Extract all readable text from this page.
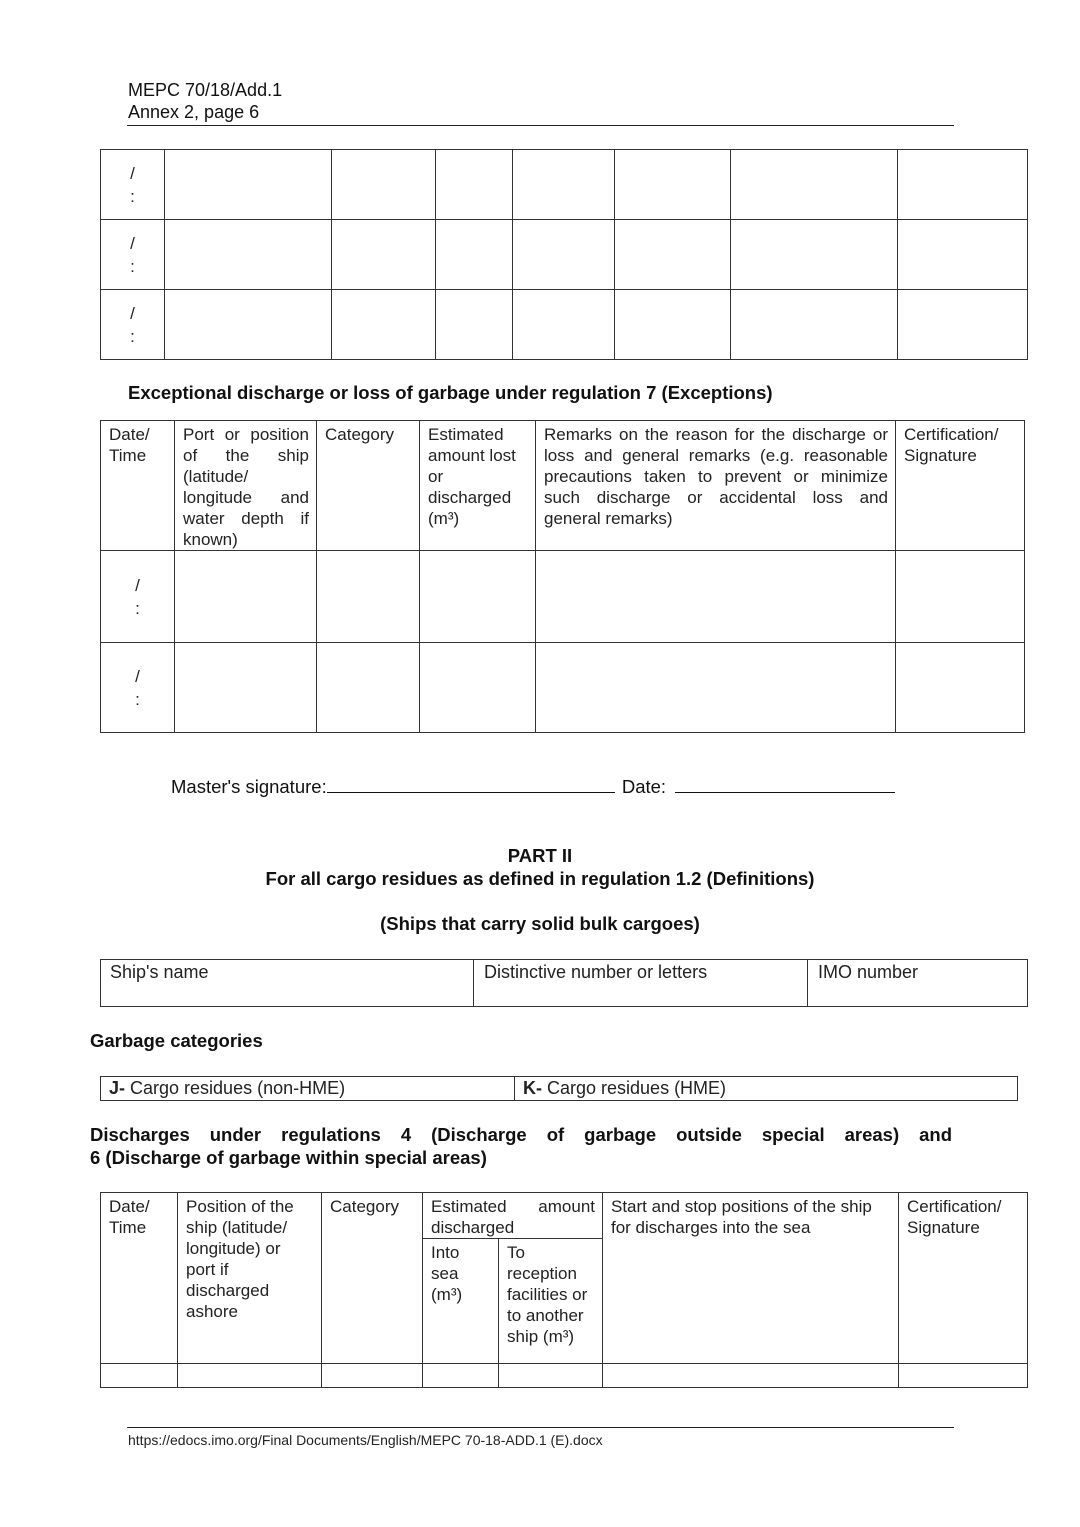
MEPC 70/18/Add.1
Annex 2, page 6
/
:							

/
:							

/
:							

Exceptional discharge or loss of garbage under regulation 7 (Exceptions)
Date/ Time	Port or position of the ship (latitude/ longitude and water depth if known)	Category	Estimated amount lost or discharged (m³)	Remarks on the reason for the discharge or loss and general remarks (e.g. reasonable precautions taken to prevent or minimize such discharge or accidental loss and general remarks)	Certification/ Signature

/
:					

/
:					

Master's signature:	Date:
PART II
For all cargo residues as defined in regulation 1.2 (Definitions)
(Ships that carry solid bulk cargoes)
Ship's name	Distinctive number or letters	IMO number
Garbage categories
J- Cargo residues (non-HME)	K- Cargo residues (HME)
Discharges under regulations 4 (Discharge of garbage outside special areas) and
6 (Discharge of garbage within special areas)
Date/ Time	Position of the ship (latitude/ longitude) or port if discharged ashore	Category	Estimated amount discharged		Start and stop positions of the ship for discharges into the sea	Certification/ Signature
			Into sea (m³)	To reception facilities or to another ship (m³)		

https://edocs.imo.org/Final Documents/English/MEPC 70-18-ADD.1 (E).docx
